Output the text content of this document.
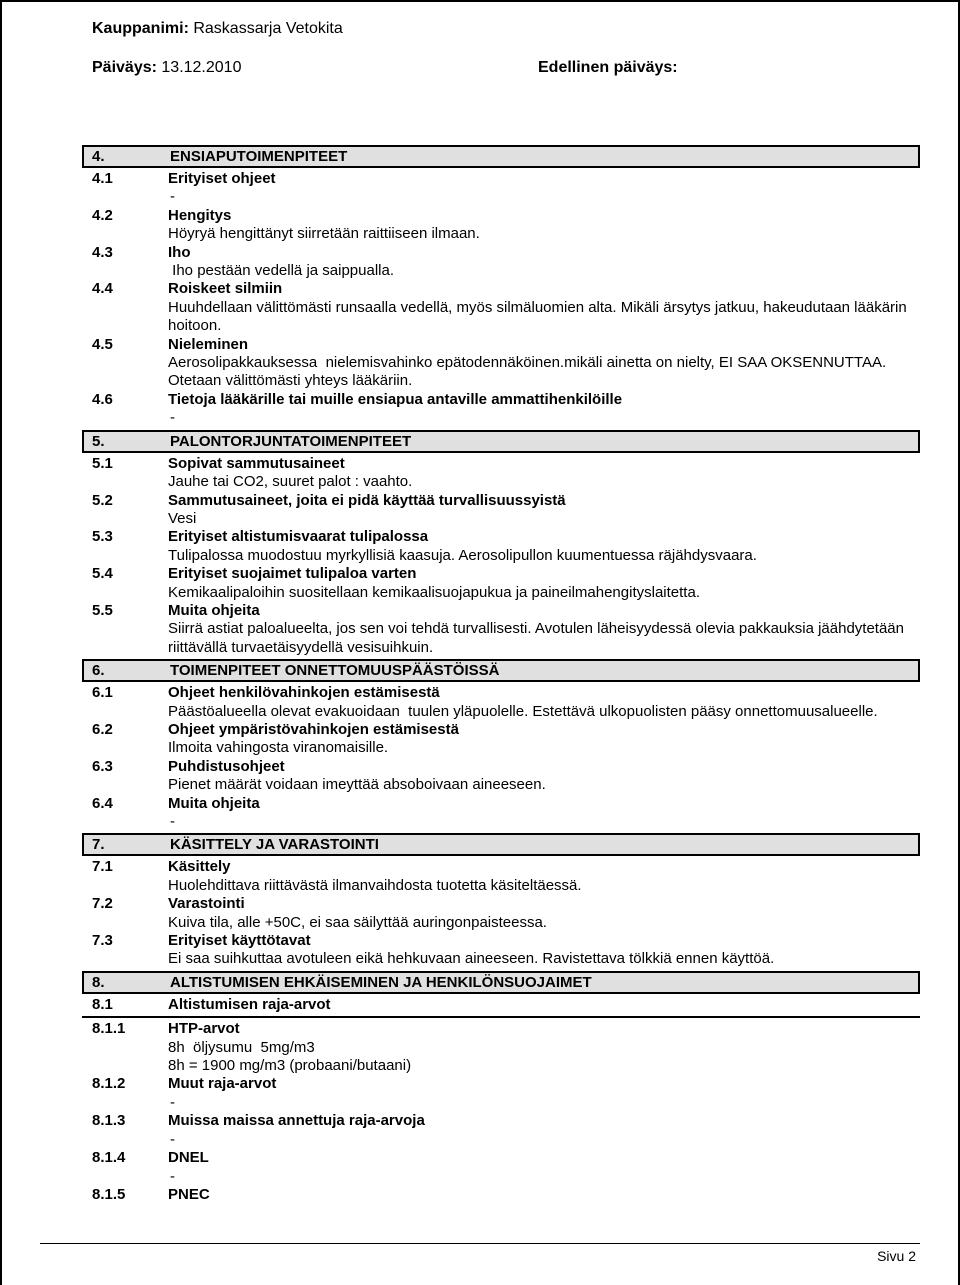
Kauppanimi: Raskassarja Vetokita
Päiväys: 13.12.2010	Edellinen päiväys:
4.	ENSIAPUTOIMENPITEET
4.1	Erityiset ohjeet
-
4.2	Hengitys
Höyryä hengittänyt siirretään raittiiseen ilmaan.
4.3	Iho
Iho pestään vedellä ja saippualla.
4.4	Roiskeet silmiin
Huuhdellaan välittömästi runsaalla vedellä, myös silmäluomien alta. Mikäli ärsytys jatkuu, hakeudutaan lääkärin hoitoon.
4.5	Nieleminen
Aerosolipakkauksessa  nielemisvahinko epätodennäköinen.mikäli ainetta on nielty, EI SAA OKSENNUTTAA. Otetaan välittömästi yhteys lääkäriin.
4.6	Tietoja lääkärille tai muille ensiapua antaville ammattihenkilöille
-
5.	PALONTORJUNTATOIMENPITEET
5.1	Sopivat sammutusaineet
Jauhe tai CO2, suuret palot : vaahto.
5.2	Sammutusaineet, joita ei pidä käyttää turvallisuussyistä
Vesi
5.3	Erityiset altistumisvaarat tulipalossa
Tulipalossa muodostuu myrkyllisiä kaasuja. Aerosolipullon kuumentuessa räjähdysvaara.
5.4	Erityiset suojaimet tulipaloa varten
Kemikaalipaloihin suositellaan kemikaalisuojapukua ja paineilmahengityslaitetta.
5.5	Muita ohjeita
Siirrä astiat paloalueelta, jos sen voi tehdä turvallisesti. Avotulen läheisyydessä olevia pakkauksia jäähdytetään riittävällä turvaetäisyydellä vesisuihkuin.
6.	TOIMENPITEET ONNETTOMUUSPÄÄSTÖISSÄ
6.1	Ohjeet henkilövahinkojen estämisestä
Päästöalueella olevat evakuoidaan  tuulen yläpuolelle. Estettävä ulkopuolisten pääsy onnettomuusalueelle.
6.2	Ohjeet ympäristövahinkojen estämisestä
Ilmoita vahingosta viranomaisille.
6.3	Puhdistusohjeet
Pienet määrät voidaan imeyttää absoboivaan aineeseen.
6.4	Muita ohjeita
-
7.	KÄSITTELY JA VARASTOINTI
7.1	Käsittely
Huolehdittava riittävästä ilmanvaihdosta tuotetta käsiteltäessä.
7.2	Varastointi
Kuiva tila, alle +50C, ei saa säilyttää auringonpaisteessa.
7.3	Erityiset käyttötavat
Ei saa suihkuttaa avotuleen eikä hehkuvaan aineeseen. Ravistettava tölkkiä ennen käyttöä.
8.	ALTISTUMISEN EHKÄISEMINEN JA HENKILÖNSUOJAIMET
8.1	Altistumisen raja-arvot
8.1.1	HTP-arvot
8h  öljysumu  5mg/m3
8h = 1900 mg/m3 (probaani/butaani)
8.1.2	Muut raja-arvot
-
8.1.3	Muissa maissa annettuja raja-arvoja
-
8.1.4	DNEL
-
8.1.5	PNEC
Sivu 2
